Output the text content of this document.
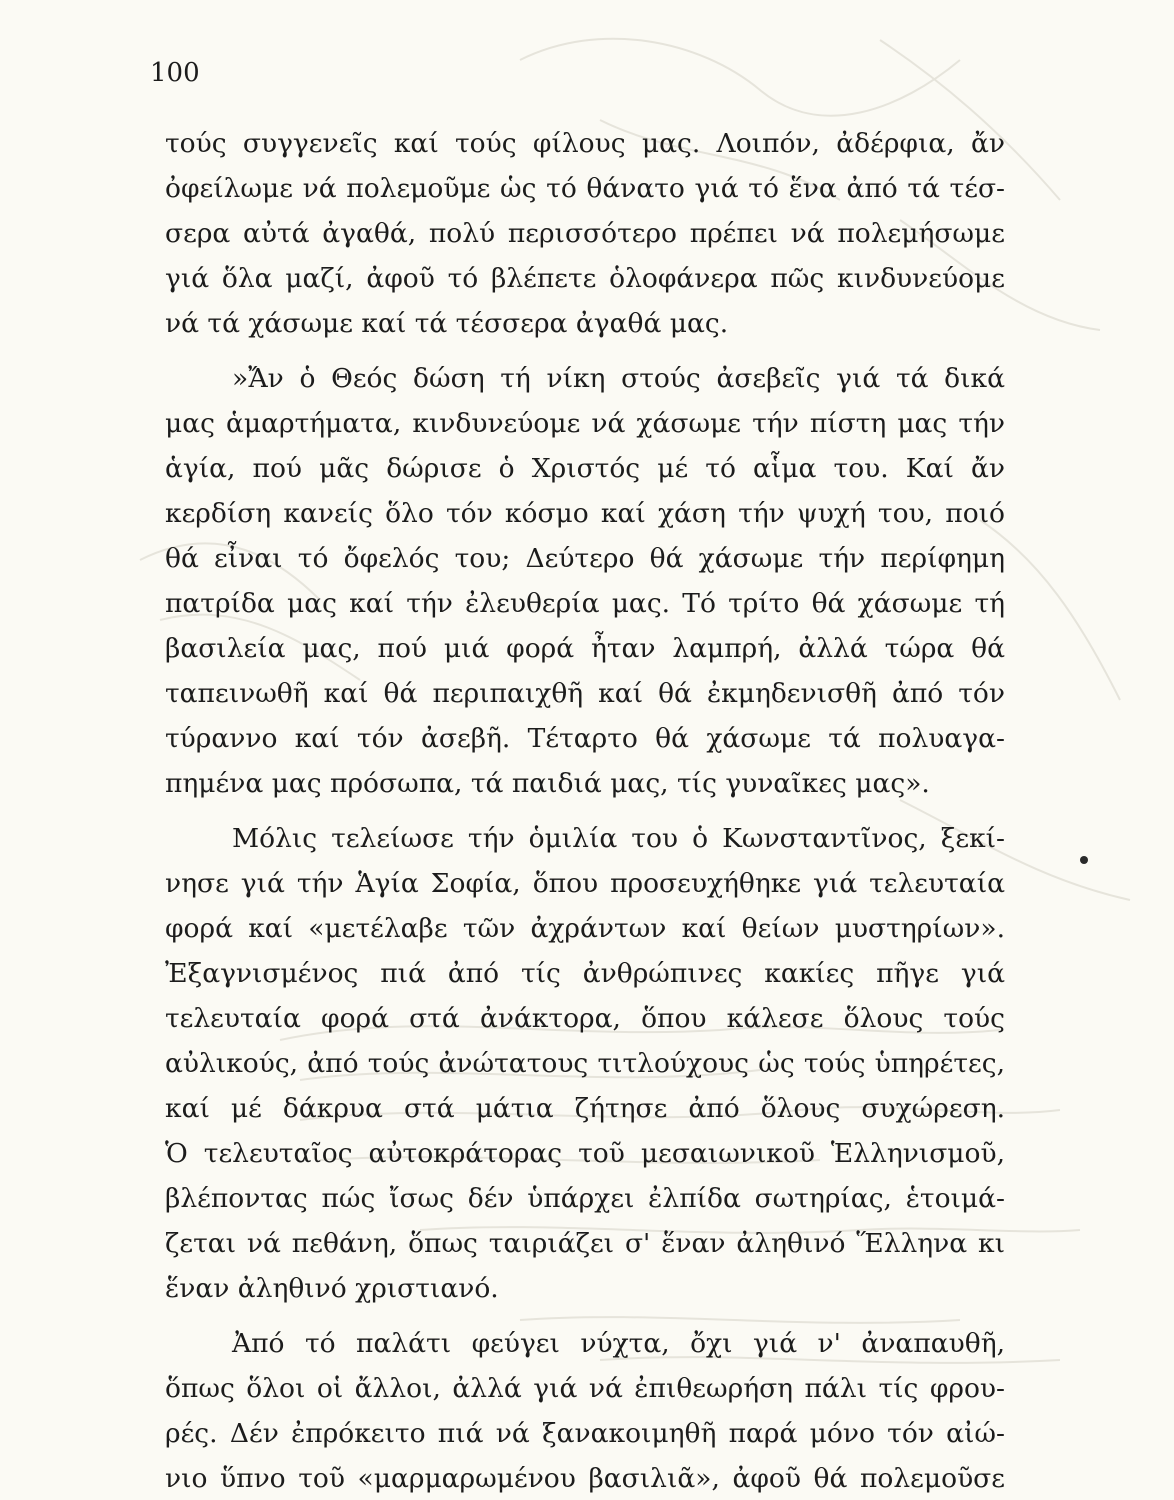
100
τούς συγγενεῖς καί τούς φίλους μας. Λοιπόν, ἀδέρφια, ἄν
ὀφείλωμε νά πολεμοῦμε ὡς τό θάνατο γιά τό ἕνα ἀπό τά τέσ-
σερα αὐτά ἀγαθά, πολύ περισσότερο πρέπει νά πολεμήσωμε
γιά ὅλα μαζί, ἀφοῦ τό βλέπετε ὁλοφάνερα πῶς κινδυνεύομε
νά τά χάσωμε καί τά τέσσερα ἀγαθά μας.
»Ἄν ὁ Θεός δώση τή νίκη στούς ἀσεβεῖς γιά τά δικά
μας ἁμαρτήματα, κινδυνεύομε νά χάσωμε τήν πίστη μας τήν
ἁγία, πού μᾶς δώρισε ὁ Χριστός μέ τό αἷμα του. Καί ἄν
κερδίση κανείς ὅλο τόν κόσμο καί χάση τήν ψυχή του, ποιό
θά εἶναι τό ὄφελός του; Δεύτερο θά χάσωμε τήν περίφημη
πατρίδα μας καί τήν ἐλευθερία μας. Τό τρίτο θά χάσωμε τή
βασιλεία μας, πού μιά φορά ἦταν λαμπρή, ἀλλά τώρα θά
ταπεινωθῆ καί θά περιπαιχθῆ καί θά ἐκμηδενισθῆ ἀπό τόν
τύραννο καί τόν ἀσεβῆ. Τέταρτο θά χάσωμε τά πολυαγα-
πημένα μας πρόσωπα, τά παιδιά μας, τίς γυναῖκες μας».
Μόλις τελείωσε τήν ὁμιλία του ὁ Κωνσταντῖνος, ξεκί-
νησε γιά τήν Ἁγία Σοφία, ὅπου προσευχήθηκε γιά τελευταία
φορά καί «μετέλαβε τῶν ἀχράντων καί θείων μυστηρίων».
Ἐξαγνισμένος πιά ἀπό τίς ἀνθρώπινες κακίες πῆγε γιά
τελευταία φορά στά ἀνάκτορα, ὅπου κάλεσε ὅλους τούς
αὐλικούς, ἀπό τούς ἀνώτατους τιτλούχους ὡς τούς ὑπηρέτες,
καί μέ δάκρυα στά μάτια ζήτησε ἀπό ὅλους συχώρεση.
Ὁ τελευταῖος αὐτοκράτορας τοῦ μεσαιωνικοῦ Ἑλληνισμοῦ,
βλέποντας πώς ἴσως δέν ὑπάρχει ἐλπίδα σωτηρίας, ἑτοιμά-
ζεται νά πεθάνη, ὅπως ταιριάζει σ' ἕναν ἀληθινό Ἕλληνα κι
ἕναν ἀληθινό χριστιανό.
Ἀπό τό παλάτι φεύγει νύχτα, ὄχι γιά ν' ἀναπαυθῆ,
ὅπως ὅλοι οἱ ἄλλοι, ἀλλά γιά νά ἐπιθεωρήση πάλι τίς φρου-
ρές. Δέν ἐπρόκειτο πιά νά ξανακοιμηθῆ παρά μόνο τόν αἰώ-
νιο ὕπνο τοῦ «μαρμαρωμένου βασιλιᾶ», ἀφοῦ θά πολεμοῦσε
